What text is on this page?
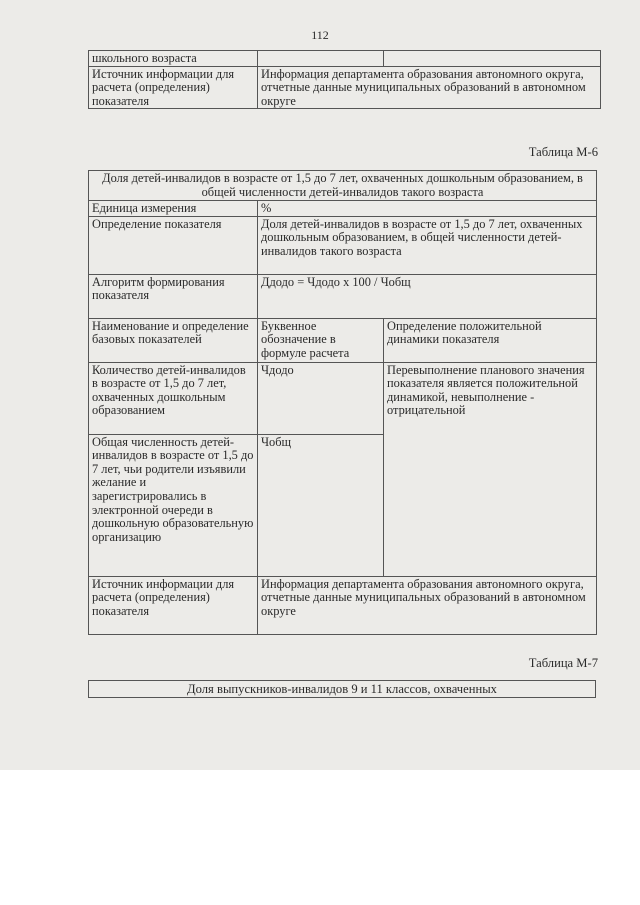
112
школьного возраста		
Источник информации для расчета (определения) показателя	Информация департамента образования автономного округа, отчетные данные муниципальных образований в автономном округе	
Таблица М-6
Доля детей-инвалидов в возрасте от 1,5 до 7 лет, охваченных дошкольным образованием, в общей численности детей-инвалидов такого возраста		
Единица измерения	%	
Определение показателя	Доля детей-инвалидов в возрасте от 1,5 до 7 лет, охваченных дошкольным образованием, в общей численности детей-инвалидов такого возраста	
Алгоритм формирования показателя	Ддодо = Чдодо x 100 / Чобщ	
Наименование и определение базовых показателей	Буквенное обозначение в формуле расчета	Определение положительной динамики показателя
Количество детей-инвалидов в возрасте от 1,5 до 7 лет, охваченных дошкольным образованием	Чдодо	Перевыполнение планового значения показателя является положительной динамикой, невыполнение - отрицательной
Общая численность детей-инвалидов в возрасте от 1,5 до 7 лет, чьи родители изъявили желание и зарегистрировались в электронной очереди в дошкольную образовательную организацию	Чобщ	
Источник информации для расчета (определения) показателя	Информация департамента образования автономного округа, отчетные данные муниципальных образований в автономном округе	
Таблица М-7
Доля выпускников-инвалидов 9 и 11 классов, охваченных
